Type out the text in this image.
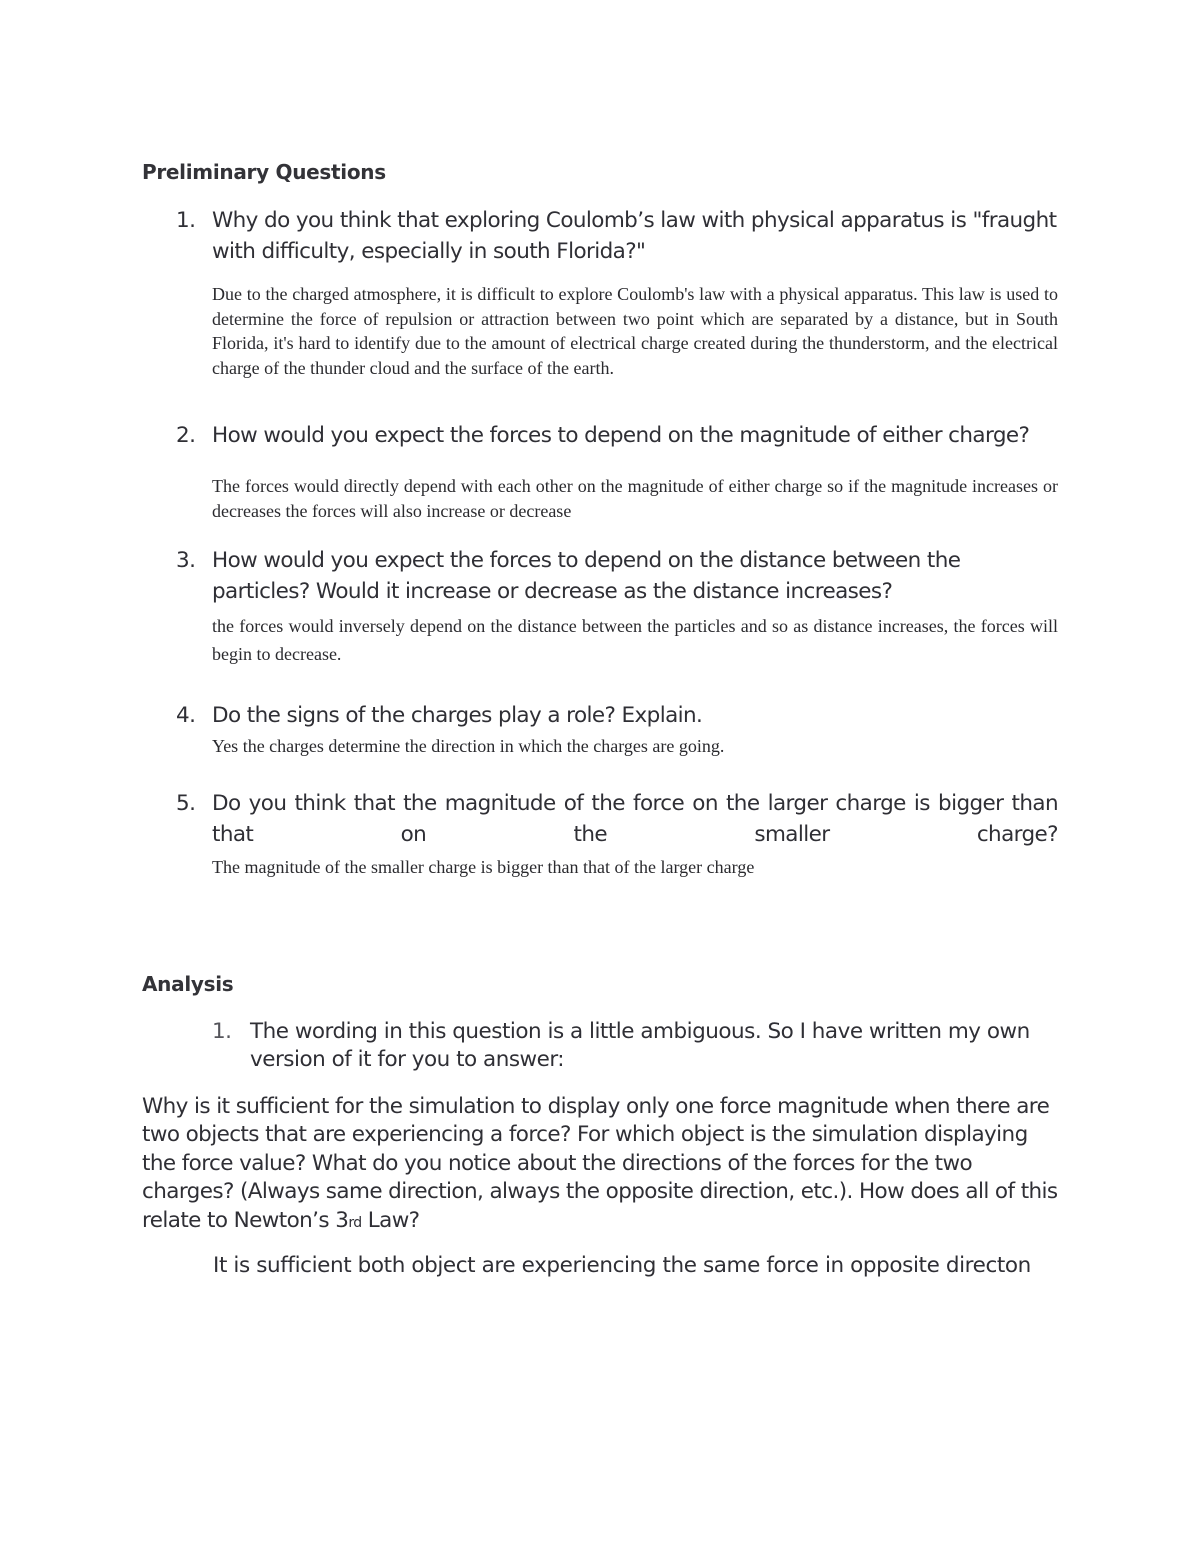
Preliminary Questions
1. Why do you think that exploring Coulomb’s law with physical apparatus is "fraught with difficulty, especially in south Florida?"
Due to the charged atmosphere, it is difficult to explore Coulomb's law with a physical apparatus. This law is used to determine the force of repulsion or attraction between two point which are separated by a distance, but in South Florida, it's hard to identify due to the amount of electrical charge created during the thunderstorm, and the electrical charge of the thunder cloud and the surface of the earth.
2. How would you expect the forces to depend on the magnitude of either charge?
The forces would directly depend with each other on the magnitude of either charge so if the magnitude increases or decreases the forces will also increase or decrease
3. How would you expect the forces to depend on the distance between the particles? Would it increase or decrease as the distance increases?
the forces would inversely depend on the distance between the particles and so as distance increases, the forces will begin to decrease.
4. Do the signs of the charges play a role? Explain.
Yes the charges determine the direction in which the charges are going.
5. Do you think that the magnitude of the force on the larger charge is bigger than
that on the smaller charge?
The magnitude of the smaller charge is bigger than that of the larger charge
Analysis
1. The wording in this question is a little ambiguous. So I have written my own version of it for you to answer:
Why is it sufficient for the simulation to display only one force magnitude when there are two objects that are experiencing a force? For which object is the simulation displaying the force value? What do you notice about the directions of the forces for the two charges? (Always same direction, always the opposite direction, etc.). How does all of this relate to Newton’s 3rd Law?
It is sufficient both object are experiencing the same force in opposite directon
